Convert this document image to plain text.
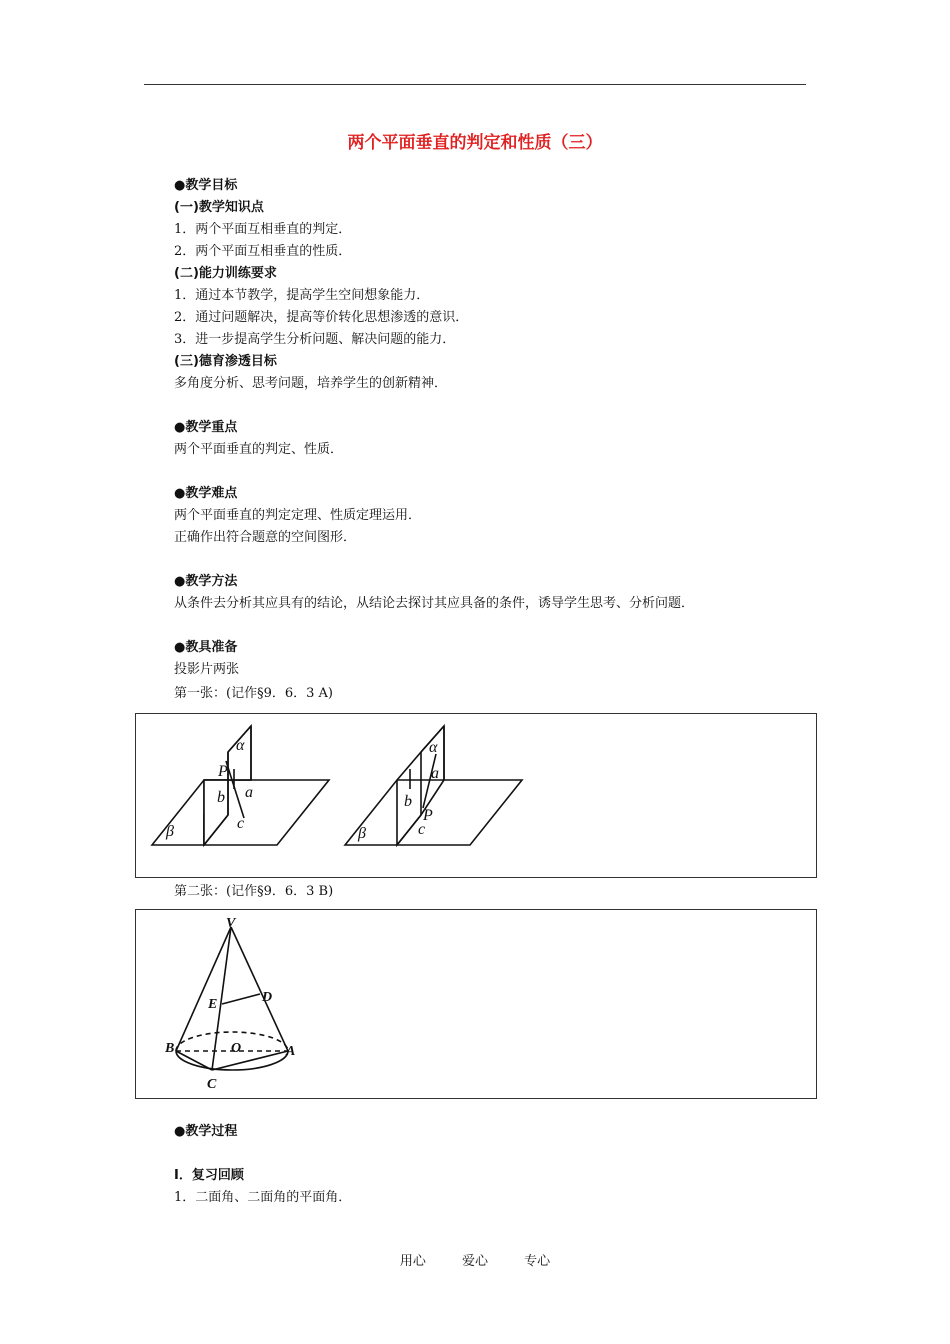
两个平面垂直的判定和性质（三）
●教学目标
(一)教学知识点
1．两个平面互相垂直的判定．
2．两个平面互相垂直的性质．
(二)能力训练要求
1．通过本节教学，提高学生空间想象能力．
2．通过问题解决，提高等价转化思想渗透的意识．
3．进一步提高学生分析问题、解决问题的能力．
(三)德育渗透目标
多角度分析、思考问题，培养学生的创新精神．
●教学重点
两个平面垂直的判定、性质．
●教学难点
两个平面垂直的判定定理、性质定理运用．
正确作出符合题意的空间图形．
●教学方法
从条件去分析其应具有的结论，从结论去探讨其应具备的条件，诱导学生思考、分析问题．
●教具准备
投影片两张
第一张：(记作§9．6．3 A)
α
β
b a
c
P
α
β
b
a
P
c
第二张：(记作§9．6．3 B)
V
E	D
B	O	A
C
●教学过程
Ⅰ．复习回顾
1．二面角、二面角的平面角．
用心	爱心	专心
